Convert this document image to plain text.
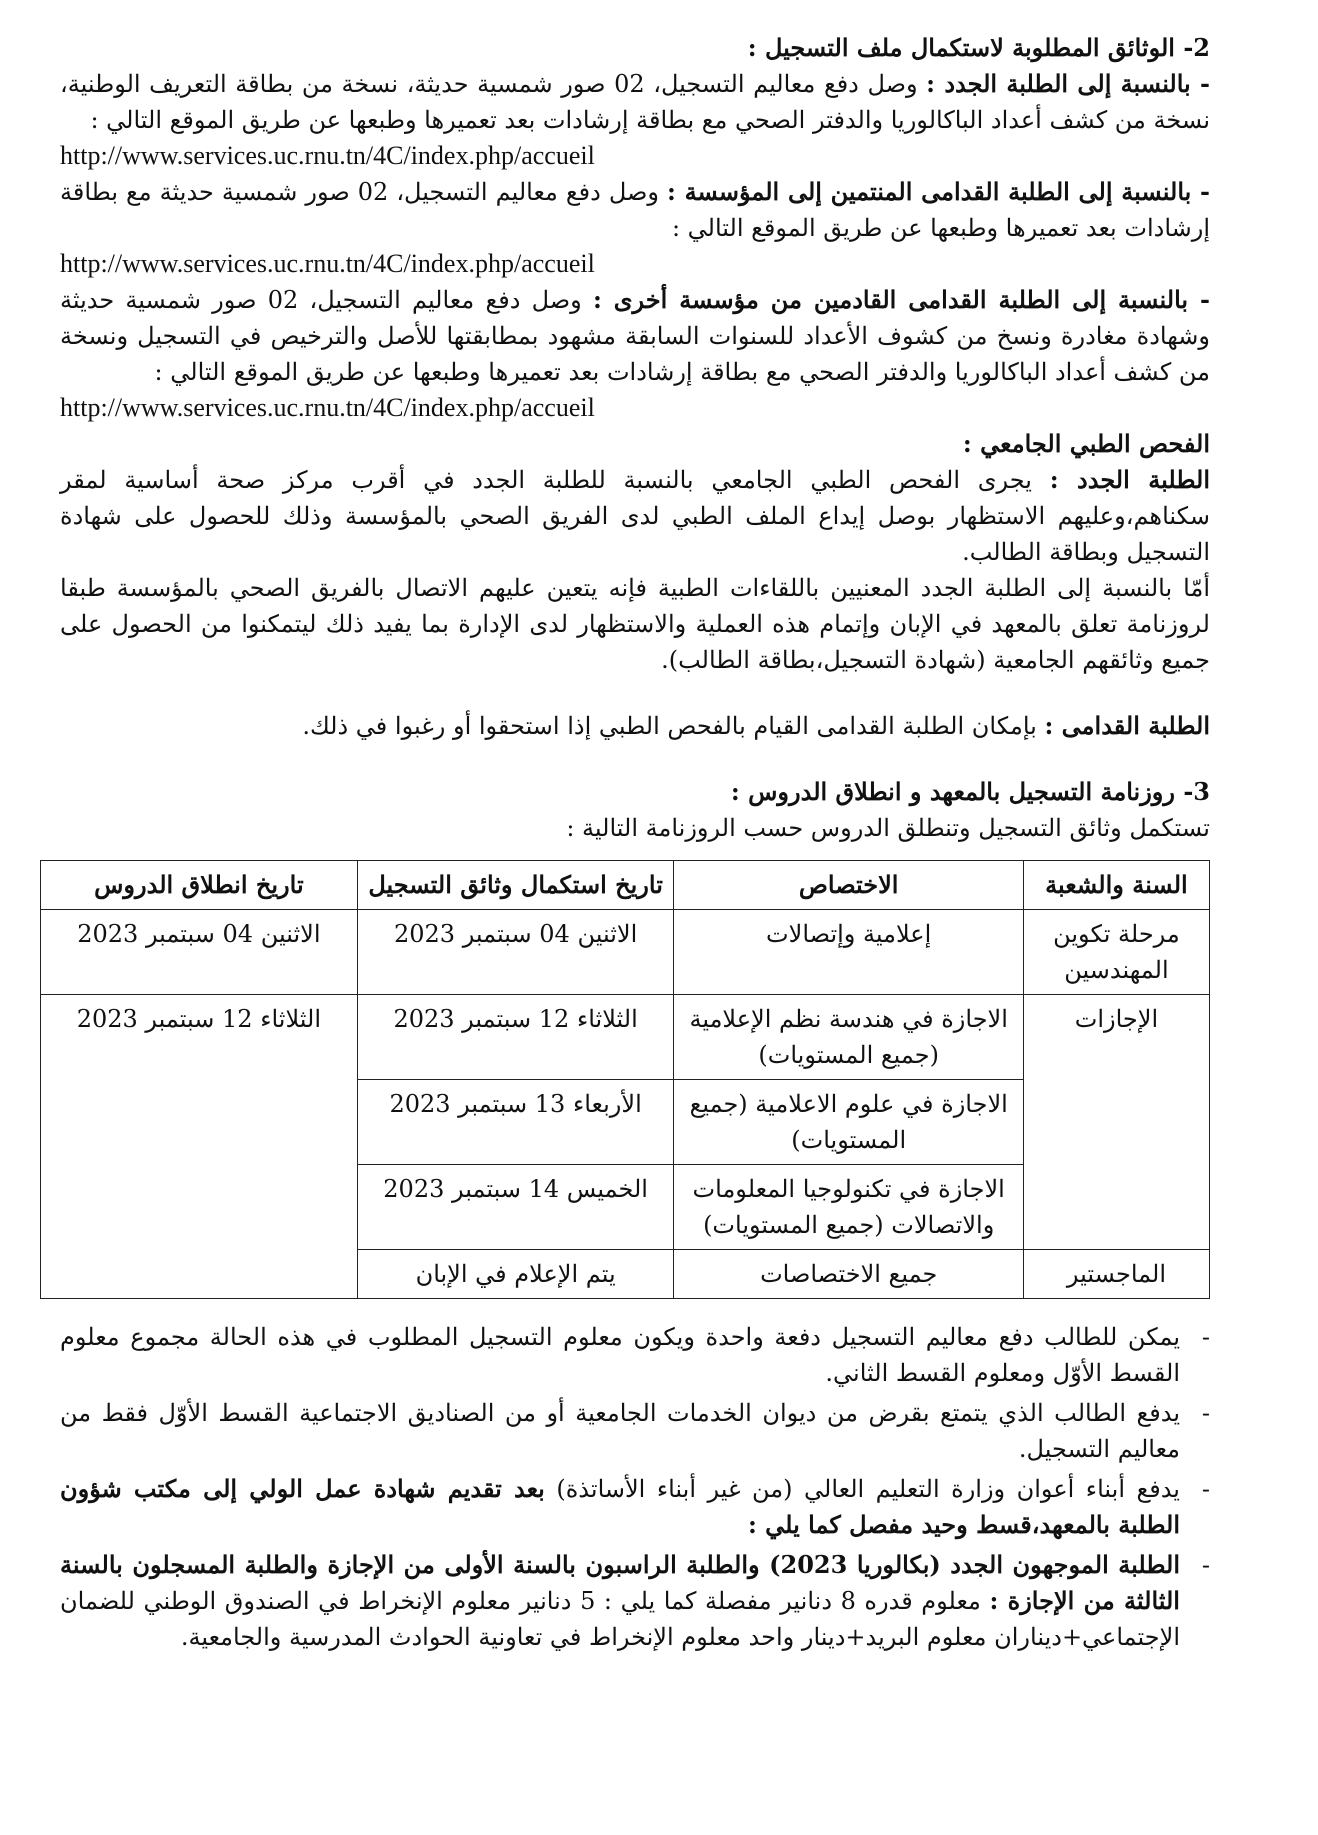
2- الوثائق المطلوبة لاستكمال ملف التسجيل :

- بالنسبة إلى الطلبة الجدد : وصل دفع معاليم التسجيل، 02 صور شمسية حديثة، نسخة من بطاقة التعريف الوطنية، نسخة من كشف أعداد الباكالوريا والدفتر الصحي مع بطاقة إرشادات بعد تعميرها وطبعها عن طريق الموقع التالي :

http://www.services.uc.rnu.tn/4C/index.php/accueil

- بالنسبة إلى الطلبة القدامى المنتمين إلى المؤسسة : وصل دفع معاليم التسجيل، 02 صور شمسية حديثة مع بطاقة إرشادات بعد تعميرها وطبعها عن طريق الموقع التالي :

http://www.services.uc.rnu.tn/4C/index.php/accueil

- بالنسبة إلى الطلبة القدامى القادمين من مؤسسة أخرى : وصل دفع معاليم التسجيل، 02 صور شمسية حديثة وشهادة مغادرة ونسخ من كشوف الأعداد للسنوات السابقة مشهود بمطابقتها للأصل والترخيص في التسجيل ونسخة من كشف أعداد الباكالوريا والدفتر الصحي مع بطاقة إرشادات بعد تعميرها وطبعها عن طريق الموقع التالي :

http://www.services.uc.rnu.tn/4C/index.php/accueil

الفحص الطبي الجامعي :

الطلبة الجدد : يجرى الفحص الطبي الجامعي بالنسبة للطلبة الجدد في أقرب مركز صحة أساسية لمقر سكناهم،وعليهم الاستظهار بوصل إيداع الملف الطبي لدى الفريق الصحي بالمؤسسة وذلك للحصول على شهادة التسجيل وبطاقة الطالب.

أمّا بالنسبة إلى الطلبة الجدد المعنيين باللقاءات الطبية فإنه يتعين عليهم الاتصال بالفريق الصحي بالمؤسسة طبقا لروزنامة تعلق بالمعهد في الإبان وإتمام هذه العملية والاستظهار لدى الإدارة بما يفيد ذلك ليتمكنوا من الحصول على جميع وثائقهم الجامعية (شهادة التسجيل،بطاقة الطالب).

الطلبة القدامى : بإمكان الطلبة القدامى القيام بالفحص الطبي إذا استحقوا أو رغبوا في ذلك.

3- روزنامة التسجيل بالمعهد و انطلاق الدروس :

تستكمل وثائق التسجيل وتنطلق الدروس حسب الروزنامة التالية :

السنة والشعبة	الاختصاص	تاريخ استكمال وثائق التسجيل	تاريخ انطلاق الدروس
مرحلة تكوين المهندسين	إعلامية وإتصالات	الاثنين 04 سبتمبر 2023	الاثنين 04 سبتمبر 2023
الإجازات	الاجازة في هندسة نظم الإعلامية (جميع المستويات)	الثلاثاء 12 سبتمبر 2023	الثلاثاء 12 سبتمبر 2023
	الاجازة في علوم الاعلامية (جميع المستويات)	الأربعاء 13 سبتمبر 2023	
	الاجازة في تكنولوجيا المعلومات والاتصالات (جميع المستويات)	الخميس 14 سبتمبر 2023	
الماجستير	جميع الاختصاصات	يتم الإعلام في الإبان	
- يمكن للطالب دفع معاليم التسجيل دفعة واحدة ويكون معلوم التسجيل المطلوب في هذه الحالة مجموع معلوم القسط الأوّل ومعلوم القسط الثاني.
- يدفع الطالب الذي يتمتع بقرض من ديوان الخدمات الجامعية أو من الصناديق الاجتماعية القسط الأوّل فقط من معاليم التسجيل.
- يدفع أبناء أعوان وزارة التعليم العالي (من غير أبناء الأساتذة) بعد تقديم شهادة عمل الولي إلى مكتب شؤون الطلبة بالمعهد،قسط وحيد مفصل كما يلي :
- الطلبة الموجهون الجدد (بكالوريا 2023) والطلبة الراسبون بالسنة الأولى من الإجازة والطلبة المسجلون بالسنة الثالثة من الإجازة : معلوم قدره 8 دنانير مفصلة كما يلي : 5 دنانير معلوم الإنخراط في الصندوق الوطني للضمان الإجتماعي+ديناران معلوم البريد+دينار واحد معلوم الإنخراط في تعاونية الحوادث المدرسية والجامعية.
